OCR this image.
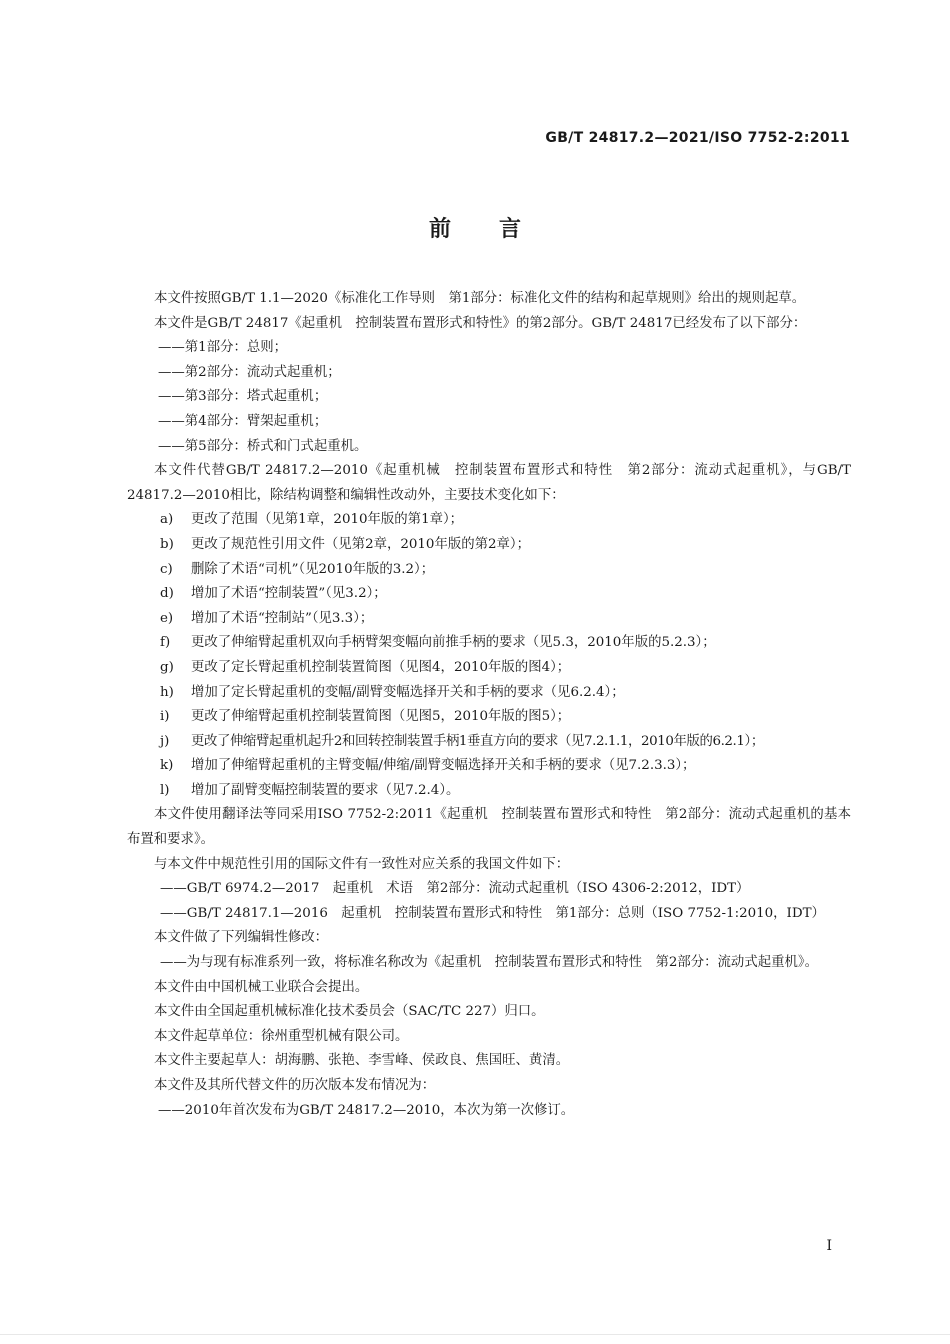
GB/T 24817.2—2021/ISO 7752-2:2011
前言

本文件按照GB/T 1.1—2020《标准化工作导则　第1部分：标准化文件的结构和起草规则》给出的规则起草。

本文件是GB/T 24817《起重机　控制装置布置形式和特性》的第2部分。GB/T 24817已经发布了以下部分：

——第1部分：总则；

——第2部分：流动式起重机；

——第3部分：塔式起重机；

——第4部分：臂架起重机；

——第5部分：桥式和门式起重机。

本文件代替GB/T 24817.2—2010《起重机械　控制装置布置形式和特性　第2部分：流动式起重机》，与GB/T 24817.2—2010相比，除结构调整和编辑性改动外，主要技术变化如下：

a) 更改了范围（见第1章，2010年版的第1章）；

b) 更改了规范性引用文件（见第2章，2010年版的第2章）；

c) 删除了术语“司机”（见2010年版的3.2）；

d) 增加了术语“控制装置”（见3.2）；

e) 增加了术语“控制站”（见3.3）；

f) 更改了伸缩臂起重机双向手柄臂架变幅向前推手柄的要求（见5.3，2010年版的5.2.3）；

g) 更改了定长臂起重机控制装置简图（见图4，2010年版的图4）；

h) 增加了定长臂起重机的变幅/副臂变幅选择开关和手柄的要求（见6.2.4）；

i) 更改了伸缩臂起重机控制装置简图（见图5，2010年版的图5）；

j) 更改了伸缩臂起重机起升2和回转控制装置手柄1垂直方向的要求（见7.2.1.1，2010年版的6.2.1）；

k) 增加了伸缩臂起重机的主臂变幅/伸缩/副臂变幅选择开关和手柄的要求（见7.2.3.3）；

l) 增加了副臂变幅控制装置的要求（见7.2.4）。

本文件使用翻译法等同采用ISO 7752-2:2011《起重机　控制装置布置形式和特性　第2部分：流动式起重机的基本布置和要求》。

与本文件中规范性引用的国际文件有一致性对应关系的我国文件如下：

——GB/T 6974.2—2017　起重机　术语　第2部分：流动式起重机（ISO 4306-2:2012，IDT）

——GB/T 24817.1—2016　起重机　控制装置布置形式和特性　第1部分：总则（ISO 7752-1:2010，IDT）

本文件做了下列编辑性修改：

——为与现有标准系列一致，将标准名称改为《起重机　控制装置布置形式和特性　第2部分：流动式起重机》。

本文件由中国机械工业联合会提出。

本文件由全国起重机械标准化技术委员会（SAC/TC 227）归口。

本文件起草单位：徐州重型机械有限公司。

本文件主要起草人：胡海鹏、张艳、李雪峰、侯政良、焦国旺、黄清。

本文件及其所代替文件的历次版本发布情况为：

——2010年首次发布为GB/T 24817.2—2010，本次为第一次修订。

I
